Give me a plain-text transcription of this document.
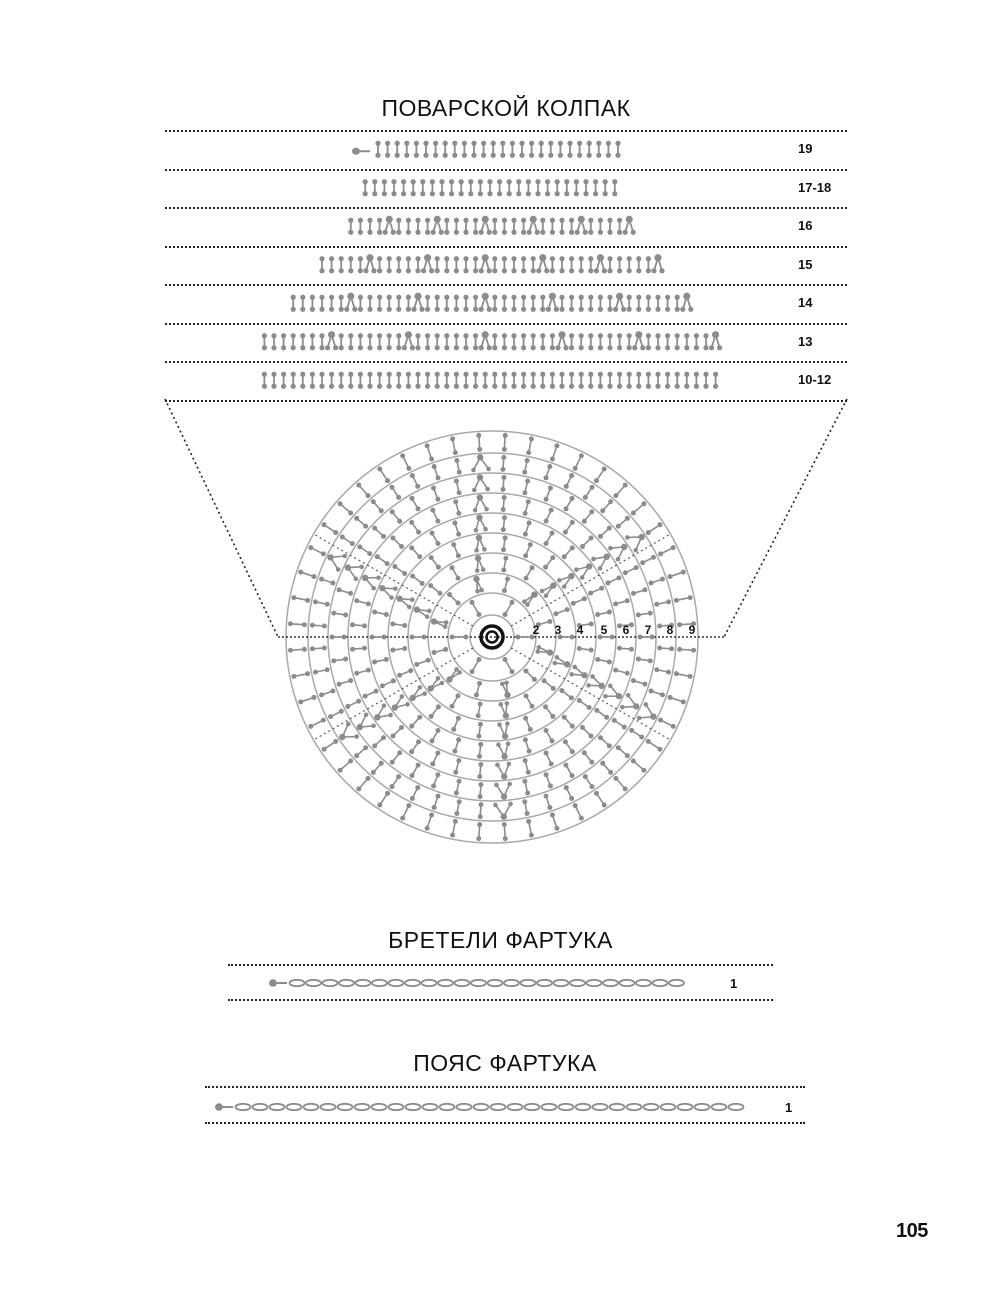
ПОВАРСКОЙ КОЛПАК
19
17-18
16
15
14
13
10-12
2 3 4 5 6 7 8 9
БРЕТЕЛИ ФАРТУКА
1
ПОЯС ФАРТУКА
1
105
